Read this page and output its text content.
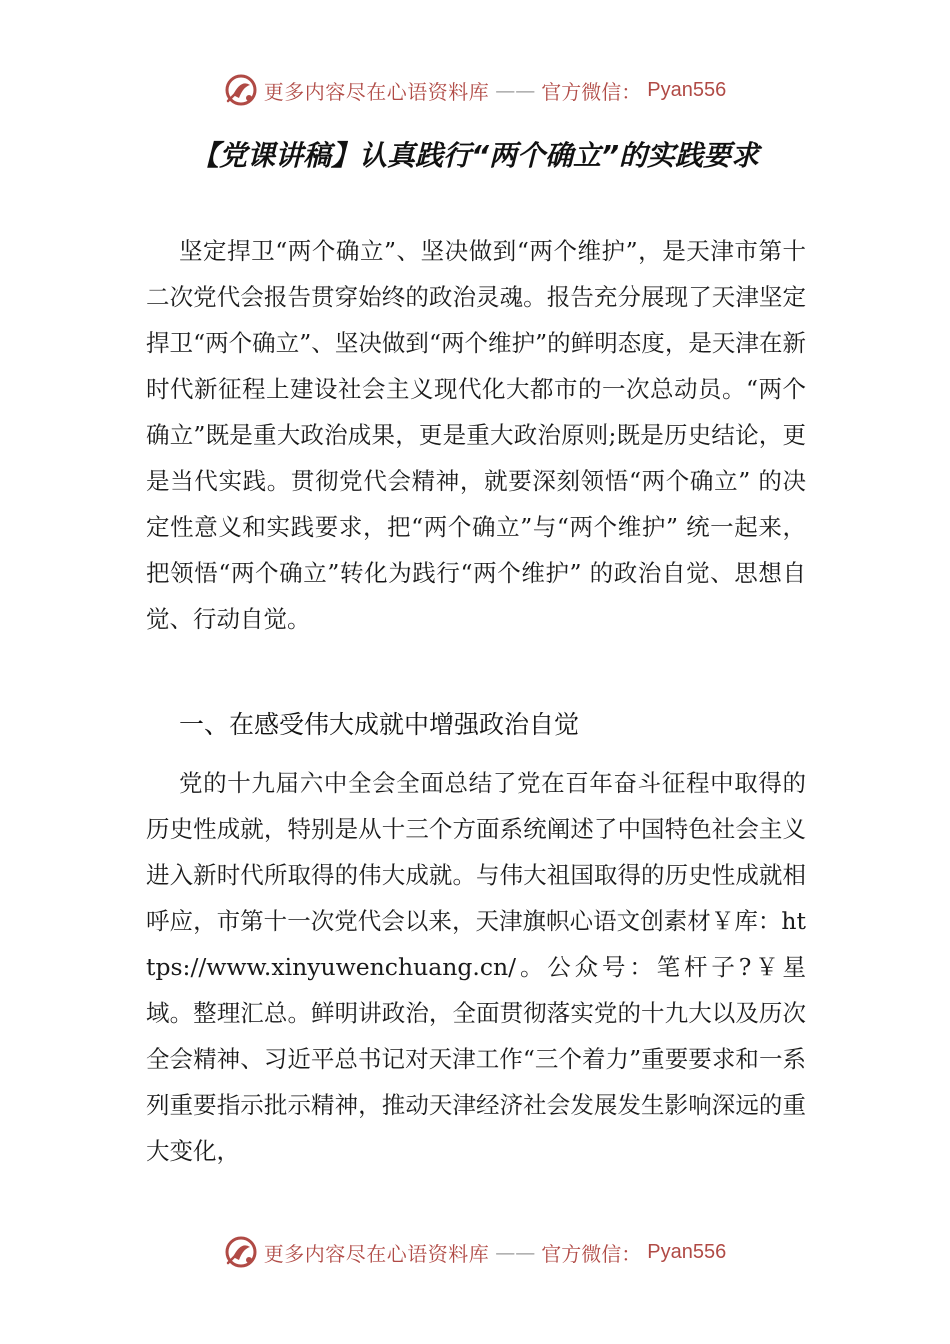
更多内容尽在心语资料库 —— 官方微信： Pyan556
【党课讲稿】认真践行“两个确立”的实践要求

坚定捍卫“两个确立”、坚决做到“两个维护”，是天津市第十二次党代会报告贯穿始终的政治灵魂。报告充分展现了天津坚定捍卫“两个确立”、坚决做到“两个维护”的鲜明态度，是天津在新时代新征程上建设社会主义现代化大都市的一次总动员。“两个确立”既是重大政治成果，更是重大政治原则;既是历史结论，更是当代实践。贯彻党代会精神，就要深刻领悟“两个确立” 的决定性意义和实践要求，把“两个确立”与“两个维护” 统一起来，把领悟“两个确立”转化为践行“两个维护” 的政治自觉、思想自觉、行动自觉。

一、在感受伟大成就中增强政治自觉

党的十九届六中全会全面总结了党在百年奋斗征程中取得的历史性成就，特别是从十三个方面系统阐述了中国特色社会主义进入新时代所取得的伟大成就。与伟大祖国取得的历史性成就相呼应，市第十一次党代会以来，天津旗帜心语文创素材￥库：https://www.xinyuwenchuang.cn/。公众号：笔杆子?￥星域。整理汇总。鲜明讲政治，全面贯彻落实党的十九大以及历次全会精神、习近平总书记对天津工作“三个着力”重要要求和一系列重要指示批示精神，推动天津经济社会发展发生影响深远的重大变化，

更多内容尽在心语资料库 —— 官方微信： Pyan556
